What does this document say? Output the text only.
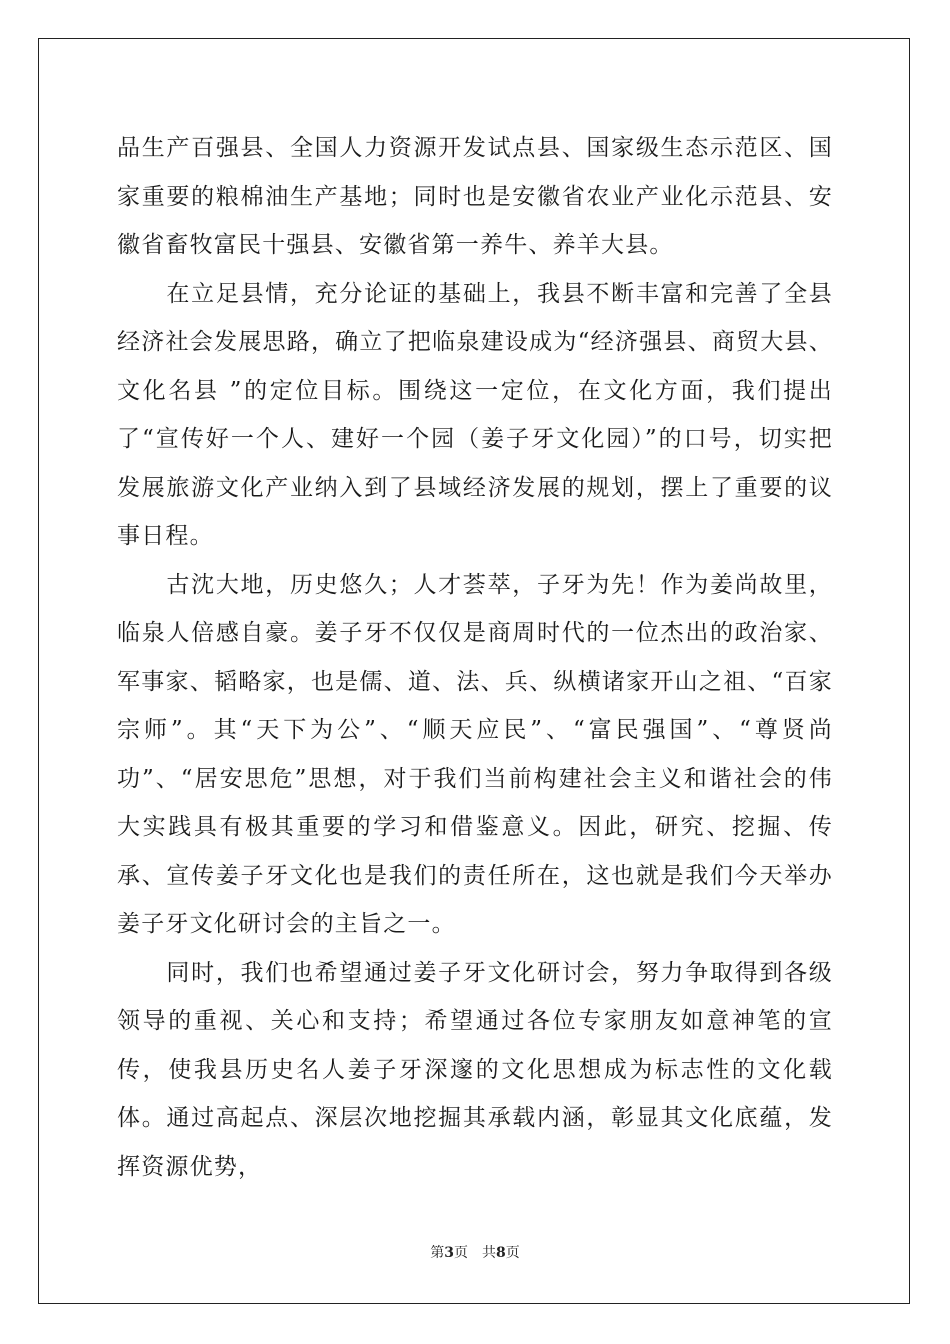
品生产百强县、全国人力资源开发试点县、国家级生态示范区、国家重要的粮棉油生产基地；同时也是安徽省农业产业化示范县、安徽省畜牧富民十强县、安徽省第一养牛、养羊大县。

　　在立足县情，充分论证的基础上，我县不断丰富和完善了全县经济社会发展思路，确立了把临泉建设成为“经济强县、商贸大县、文化名县 ”的定位目标。围绕这一定位，在文化方面，我们提出了“宣传好一个人、建好一个园（姜子牙文化园）”的口号，切实把发展旅游文化产业纳入到了县域经济发展的规划，摆上了重要的议事日程。

　　古沈大地，历史悠久；人才荟萃，子牙为先！作为姜尚故里，临泉人倍感自豪。姜子牙不仅仅是商周时代的一位杰出的政治家、军事家、韬略家，也是儒、道、法、兵、纵横诸家开山之祖、“百家宗师”。其“天下为公”、“顺天应民”、“富民强国”、“尊贤尚功”、“居安思危”思想，对于我们当前构建社会主义和谐社会的伟大实践具有极其重要的学习和借鉴意义。因此，研究、挖掘、传承、宣传姜子牙文化也是我们的责任所在，这也就是我们今天举办姜子牙文化研讨会的主旨之一。

　　同时，我们也希望通过姜子牙文化研讨会，努力争取得到各级领导的重视、关心和支持；希望通过各位专家朋友如意神笔的宣传，使我县历史名人姜子牙深邃的文化思想成为标志性的文化载体。通过高起点、深层次地挖掘其承载内涵，彰显其文化底蕴，发挥资源优势，

第3页　共8页
